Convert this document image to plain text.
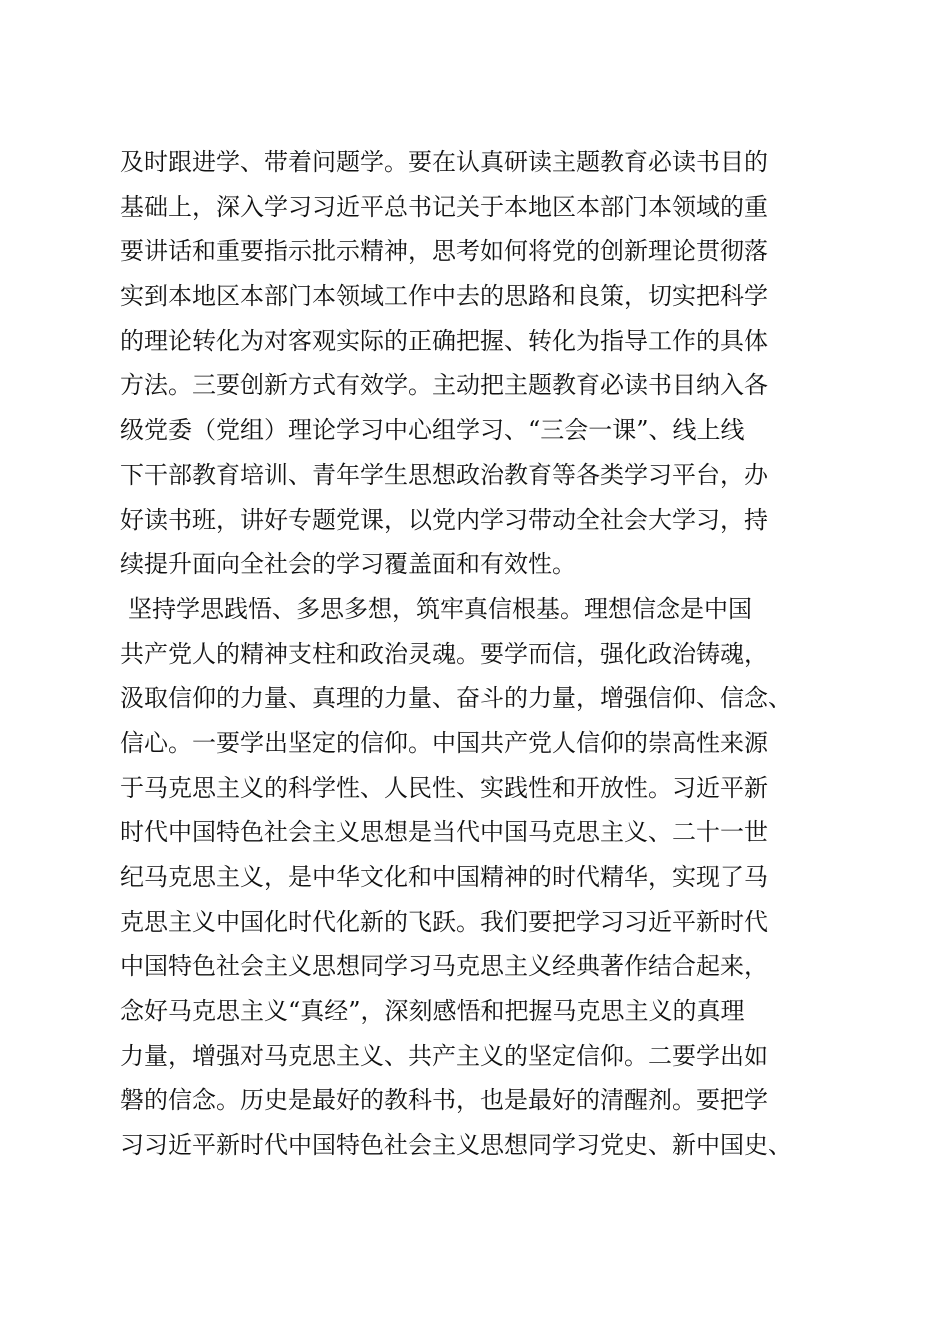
及时跟进学、带着问题学。要在认真研读主题教育必读书目的
基础上，深入学习习近平总书记关于本地区本部门本领域的重
要讲话和重要指示批示精神，思考如何将党的创新理论贯彻落
实到本地区本部门本领域工作中去的思路和良策，切实把科学
的理论转化为对客观实际的正确把握、转化为指导工作的具体
方法。三要创新方式有效学。主动把主题教育必读书目纳入各
级党委（党组）理论学习中心组学习、“三会一课”、线上线
下干部教育培训、青年学生思想政治教育等各类学习平台，办
好读书班，讲好专题党课，以党内学习带动全社会大学习，持
续提升面向全社会的学习覆盖面和有效性。
坚持学思践悟、多思多想，筑牢真信根基。理想信念是中国
共产党人的精神支柱和政治灵魂。要学而信，强化政治铸魂，
汲取信仰的力量、真理的力量、奋斗的力量，增强信仰、信念、
信心。一要学出坚定的信仰。中国共产党人信仰的崇高性来源
于马克思主义的科学性、人民性、实践性和开放性。习近平新
时代中国特色社会主义思想是当代中国马克思主义、二十一世
纪马克思主义，是中华文化和中国精神的时代精华，实现了马
克思主义中国化时代化新的飞跃。我们要把学习习近平新时代
中国特色社会主义思想同学习马克思主义经典著作结合起来，
念好马克思主义“真经”，深刻感悟和把握马克思主义的真理
力量，增强对马克思主义、共产主义的坚定信仰。二要学出如
磐的信念。历史是最好的教科书，也是最好的清醒剂。要把学
习习近平新时代中国特色社会主义思想同学习党史、新中国史、
